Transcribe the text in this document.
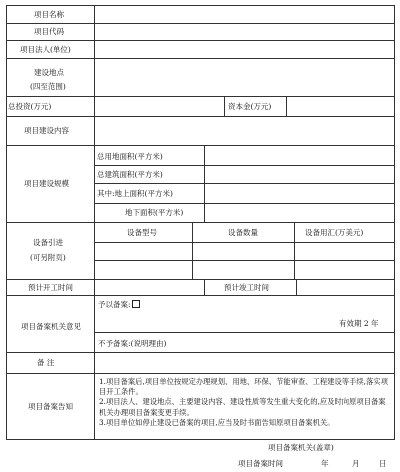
项目名称
项目代码
项目法人(单位)
建设地点
(四至范围)
总投资(万元)	资本金(万元)
项目建设内容
项目建设规模
总用地面积(平方米)
总建筑面积(平方米)
其中:地上面积(平方米)
地下面积(平方米)
设备引进
(可另附页)
设备型号	设备数量	设备用汇(万美元)
预计开工时间	预计竣工时间
项目备案机关意见
予以备案:
有效期 2 年
不予备案:(说明理由)
备 注
项目备案告知
1.项目备案后,项目单位按规定办理规划、用地、环保、节能审查、工程建设等手续,落实项目开工条件。
2.项目法人、建设地点、主要建设内容、建设性质等发生重大变化的,应及时向原项目备案机关办理项目备案变更手续。
3.项目单位如停止建设已备案的项目,应当及时书面告知原项目备案机关。
项目备案机关(盖章)
项目备案时间	年	月	日
